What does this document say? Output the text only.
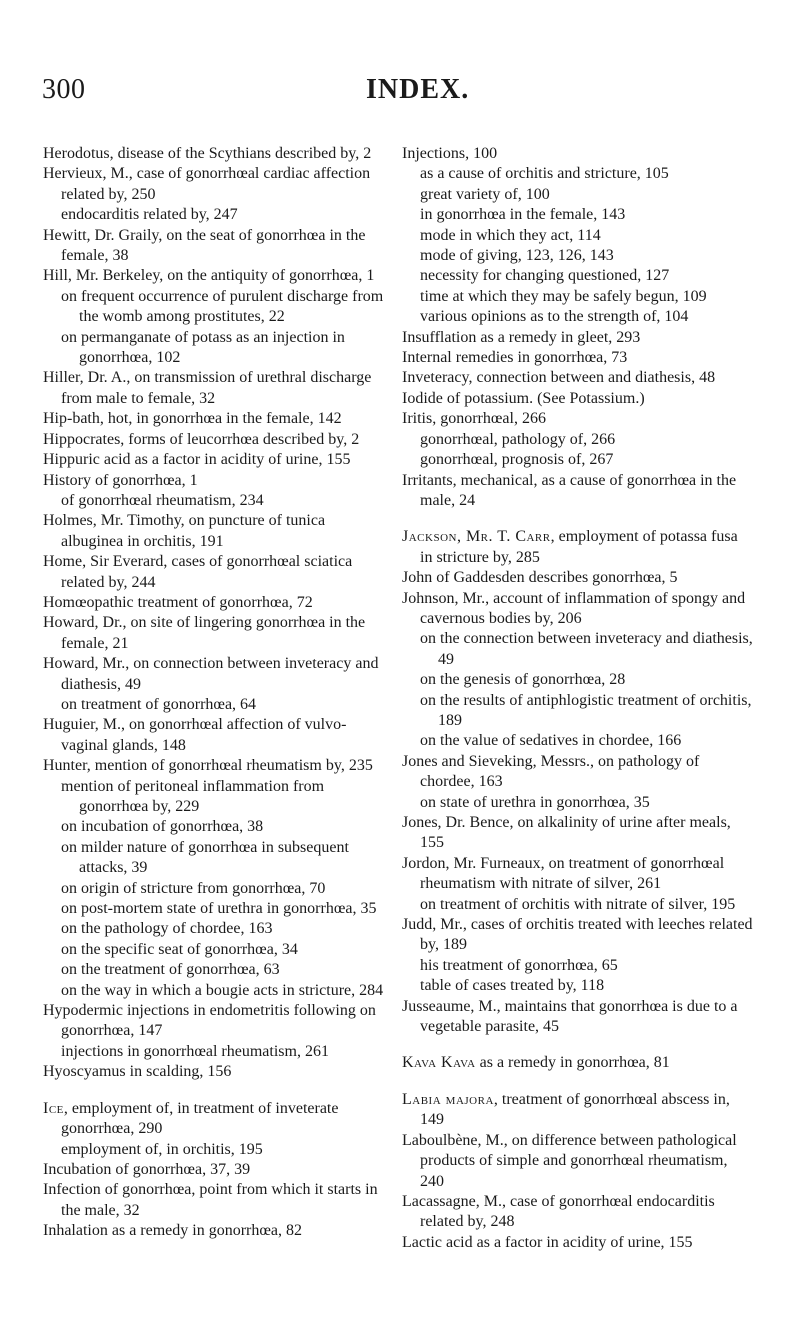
300	INDEX.
Herodotus, disease of the Scythians described by, 2
Hervieux, M., case of gonorrhœal cardiac affection related by, 250
endocarditis related by, 247
Hewitt, Dr. Graily, on the seat of gonorrhœa in the female, 38
Hill, Mr. Berkeley, on the antiquity of gonorrhœa, 1
on frequent occurrence of purulent discharge from the womb among prostitutes, 22
on permanganate of potass as an injection in gonorrhœa, 102
Hiller, Dr. A., on transmission of urethral discharge from male to female, 32
Hip-bath, hot, in gonorrhœa in the female, 142
Hippocrates, forms of leucorrhœa described by, 2
Hippuric acid as a factor in acidity of urine, 155
History of gonorrhœa, 1
of gonorrhœal rheumatism, 234
Holmes, Mr. Timothy, on puncture of tunica albuginea in orchitis, 191
Home, Sir Everard, cases of gonorrhœal sciatica related by, 244
Homœopathic treatment of gonorrhœa, 72
Howard, Dr., on site of lingering gonorrhœa in the female, 21
Howard, Mr., on connection between inveteracy and diathesis, 49
on treatment of gonorrhœa, 64
Huguier, M., on gonorrhœal affection of vulvo-vaginal glands, 148
Hunter, mention of gonorrhœal rheumatism by, 235
mention of peritoneal inflammation from gonorrhœa by, 229
on incubation of gonorrhœa, 38
on milder nature of gonorrhœa in subsequent attacks, 39
on origin of stricture from gonorrhœa, 70
on post-mortem state of urethra in gonorrhœa, 35
on the pathology of chordee, 163
on the specific seat of gonorrhœa, 34
on the treatment of gonorrhœa, 63
on the way in which a bougie acts in stricture, 284
Hypodermic injections in endometritis following on gonorrhœa, 147
injections in gonorrhœal rheumatism, 261
Hyoscyamus in scalding, 156
Ice, employment of, in treatment of inveterate gonorrhœa, 290
employment of, in orchitis, 195
Incubation of gonorrhœa, 37, 39
Infection of gonorrhœa, point from which it starts in the male, 32
Inhalation as a remedy in gonorrhœa, 82
Injections, 100
as a cause of orchitis and stricture, 105
great variety of, 100
in gonorrhœa in the female, 143
mode in which they act, 114
mode of giving, 123, 126, 143
necessity for changing questioned, 127
time at which they may be safely begun, 109
various opinions as to the strength of, 104
Insufflation as a remedy in gleet, 293
Internal remedies in gonorrhœa, 73
Inveteracy, connection between and diathesis, 48
Iodide of potassium. (See Potassium.)
Iritis, gonorrhœal, 266
gonorrhœal, pathology of, 266
gonorrhœal, prognosis of, 267
Irritants, mechanical, as a cause of gonorrhœa in the male, 24
Jackson, Mr. T. Carr, employment of potassa fusa in stricture by, 285
John of Gaddesden describes gonorrhœa, 5
Johnson, Mr., account of inflammation of spongy and cavernous bodies by, 206
on the connection between inveteracy and diathesis, 49
on the genesis of gonorrhœa, 28
on the results of antiphlogistic treatment of orchitis, 189
on the value of sedatives in chordee, 166
Jones and Sieveking, Messrs., on pathology of chordee, 163
on state of urethra in gonorrhœa, 35
Jones, Dr. Bence, on alkalinity of urine after meals, 155
Jordon, Mr. Furneaux, on treatment of gonorrhœal rheumatism with nitrate of silver, 261
on treatment of orchitis with nitrate of silver, 195
Judd, Mr., cases of orchitis treated with leeches related by, 189
his treatment of gonorrhœa, 65
table of cases treated by, 118
Jusseaume, M., maintains that gonorrhœa is due to a vegetable parasite, 45
Kava Kava as a remedy in gonorrhœa, 81
Labia majora, treatment of gonorrhœal abscess in, 149
Laboulbène, M., on difference between pathological products of simple and gonorrhœal rheumatism, 240
Lacassagne, M., case of gonorrhœal endocarditis related by, 248
Lactic acid as a factor in acidity of urine, 155
